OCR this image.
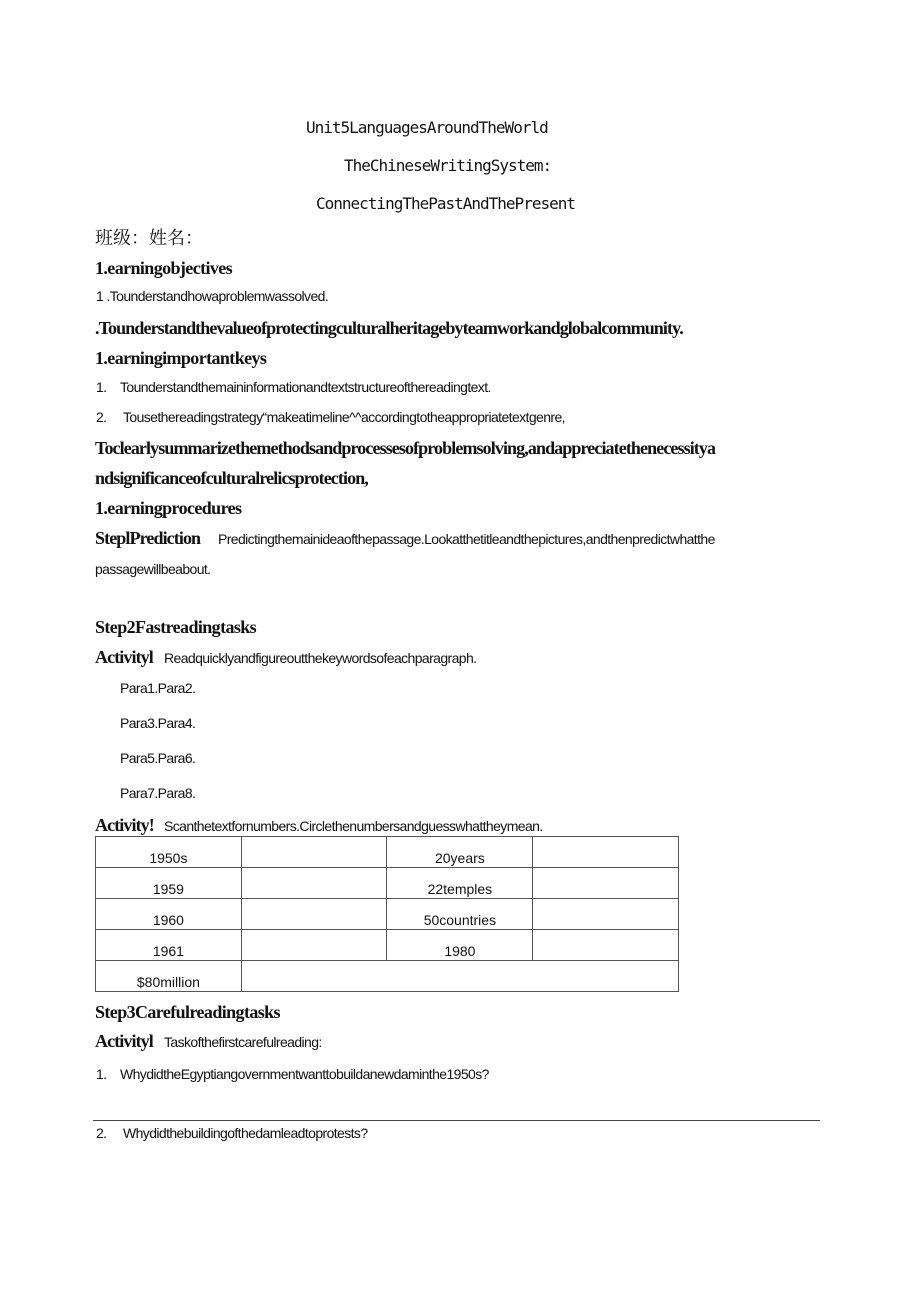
Unit5LanguagesAroundTheWorld
TheChineseWritingSystem:
ConnectingThePastAndThePresent
班级：姓名：
1.earningobjectives
1 .Tounderstandhowaproblemwassolved.
.Tounderstandthevalueofprotectingculturalheritagebyteamworkandglobalcommunity.
1.earningimportantkeys
1. Tounderstandthemaininformationandtextstructureofthereadingtext.
2. Tousethereadingstrategy“makeatimeline^^accordingtotheappropriatetextgenre,
Toclearlysummarizethemethodsandprocessesofproblemsolving,andappreciatethenecessitya
ndsignificanceofculturalrelicsprotection,
1.earningprocedures
SteplPrediction Predictingthemainideaofthepassage.Lookatthetitleandthepictures,andthenpredictwhatthe
passagewillbeabout.
Step2Fastreadingtasks
Activityl Readquicklyandfigureoutthekeywordsofeachparagraph.
Para1.Para2.
Para3.Para4.
Para5.Para6.
Para7.Para8.
Activity! Scanthetextfornumbers.Circlethenumbersandguesswhattheymean.
1950s		20years	

1959		22temples	

1960		50countries	

1961		1980	

$80million			

Step3Carefulreadingtasks
Activityl Taskofthefirstcarefulreading:
1. WhydidtheEgyptiangovernmentwanttobuildanewdaminthe1950s?
2. Whydidthebuildingofthedamleadtoprotests?
